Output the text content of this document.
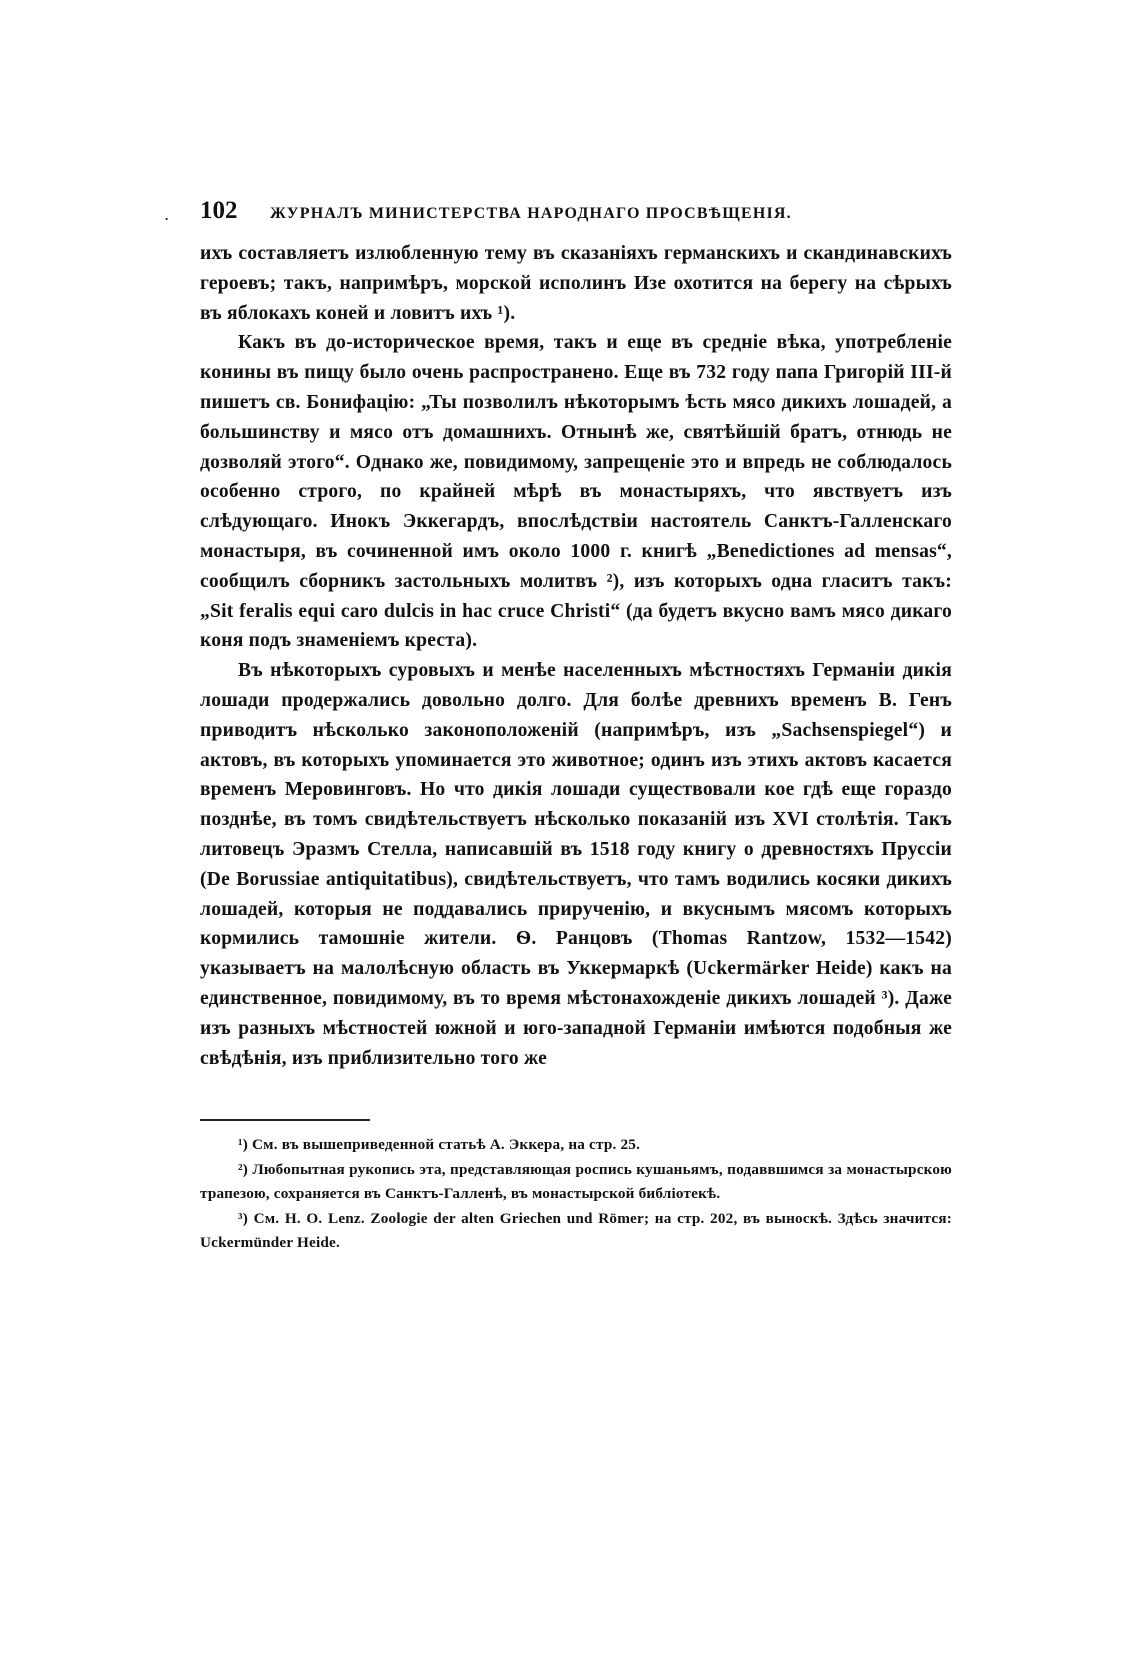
. 102	ЖУРНАЛЪ МИНИСТЕРСТВА НАРОДНАГО ПРОСВѢЩЕНІЯ.

ихъ составляетъ излюбленную тему въ сказаніяхъ германскихъ и скандинавскихъ героевъ; такъ, напримѣръ, морской исполинъ Изе охотится на берегу на сѣрыхъ въ яблокахъ коней и ловитъ ихъ ¹).

Какъ въ до-историческое время, такъ и еще въ средніе вѣка, употребленіе конины въ пищу было очень распространено. Еще въ 732 году папа Григорій III-й пишетъ св. Бонифацію: „Ты позволилъ нѣкоторымъ ѣсть мясо дикихъ лошадей, а большинству и мясо отъ домашнихъ. Отнынѣ же, святѣйшій братъ, отнюдь не дозволяй этого“. Однако же, повидимому, запрещеніе это и впредь не соблюдалось особенно строго, по крайней мѣрѣ въ монастыряхъ, что явствуетъ изъ слѣдующаго. Инокъ Эккегардъ, впослѣдствіи настоятель Санктъ-Галленскаго монастыря, въ сочиненной имъ около 1000 г. книгѣ „Benedictiones ad mensas“, сообщилъ сборникъ застольныхъ молитвъ ²), изъ которыхъ одна гласитъ такъ: „Sit feralis equi caro dulcis in hac cruce Christi“ (да будетъ вкусно вамъ мясо дикаго коня подъ знаменіемъ креста).

Въ нѣкоторыхъ суровыхъ и менѣе населенныхъ мѣстностяхъ Германіи дикія лошади продержались довольно долго. Для болѣе древнихъ временъ В. Генъ приводитъ нѣсколько законоположеній (напримѣръ, изъ „Sachsenspiegel“) и актовъ, въ которыхъ упоминается это животное; одинъ изъ этихъ актовъ касается временъ Меровинговъ. Но что дикія лошади существовали кое гдѣ еще гораздо позднѣе, въ томъ свидѣтельствуетъ нѣсколько показаній изъ XVI столѣтія. Такъ литовецъ Эразмъ Стелла, написавшій въ 1518 году книгу о древностяхъ Пруссіи (De Borussiae antiquitatibus), свидѣтельствуетъ, что тамъ водились косяки дикихъ лошадей, которыя не поддавались прирученію, и вкуснымъ мясомъ которыхъ кормились тамошніе жители. Ѳ. Ранцовъ (Thomas Rantzow, 1532—1542) указываетъ на малолѣсную область въ Уккермаркѣ (Uckermärker Heide) какъ на единственное, повидимому, въ то время мѣстонахожденіе дикихъ лошадей ³). Даже изъ разныхъ мѣстностей южной и юго-западной Германіи имѣются подобныя же свѣдѣнія, изъ приблизительно того же

¹) См. въ вышеприведенной статьѣ А. Эккера, на стр. 25.

²) Любопытная рукопись эта, представляющая роспись кушаньямъ, подаввшимся за монастырскою трапезою, сохраняется въ Санктъ-Галленѣ, въ монастырской библіотекѣ.

³) См. Н. О. Lenz. Zoologie der alten Griechen und Römer; на стр. 202, въ выноскѣ. Здѣсь значится: Uckermünder Heide.
